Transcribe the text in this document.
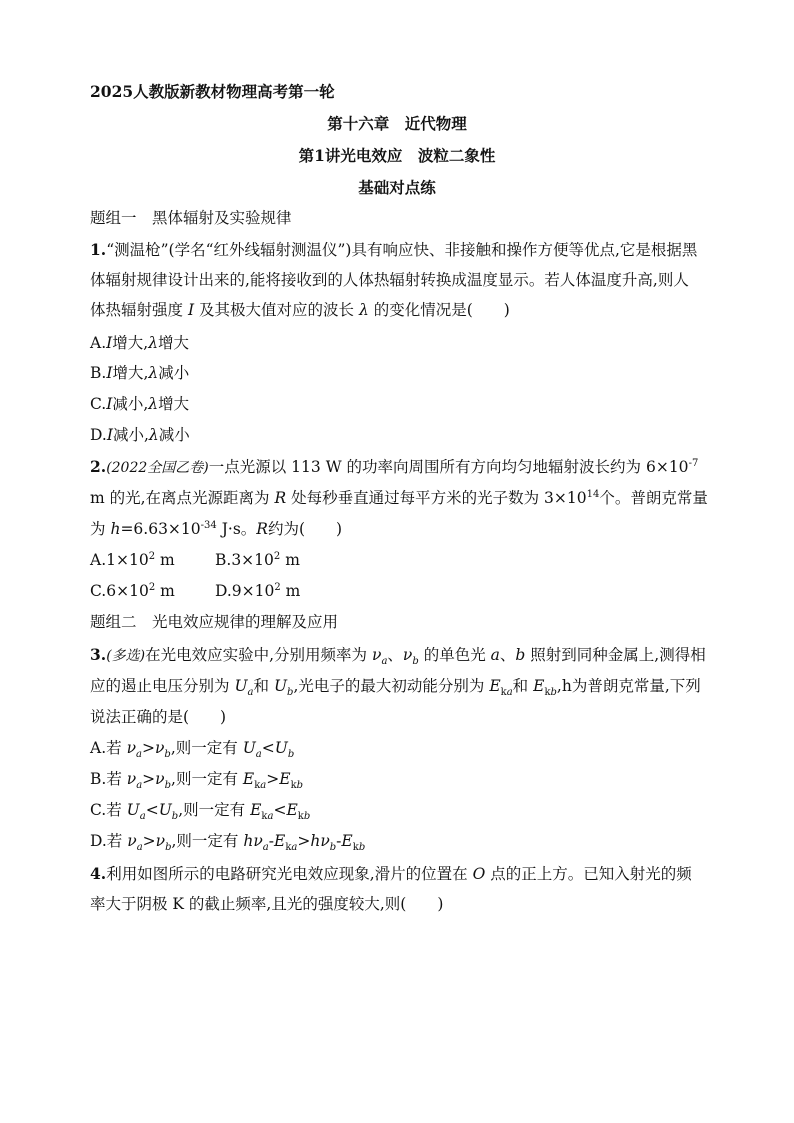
2025人教版新教材物理高考第一轮
第十六章　近代物理
第1讲光电效应　波粒二象性
基础对点练
题组一　黑体辐射及实验规律
1.“测温枪”(学名“红外线辐射测温仪”)具有响应快、非接触和操作方便等优点,它是根据黑
体辐射规律设计出来的,能将接收到的人体热辐射转换成温度显示。若人体温度升高,则人
体热辐射强度 I 及其极大值对应的波长 λ 的变化情况是(　　)
A.I增大,λ增大
B.I增大,λ减小
C.I减小,λ增大
D.I减小,λ减小
2.(2022全国乙卷)一点光源以 113 W 的功率向周围所有方向均匀地辐射波长约为 $6\times 10^{-7}$
m 的光,在离点光源距离为 R 处每秒垂直通过每平方米的光子数为 $3\times 10^{14}$个。普朗克常量
为 $h=6.63\times 10^{-34}$ J·s。R约为(　　)
$A.1\times 10^2$ m	$B.3\times 10^2$ m
$C.6\times 10^2$ m	$D.9\times 10^2$ m
题组二　光电效应规律的理解及应用
3.(多选)在光电效应实验中,分别用频率为 $\nu_a$、$\nu_b$ 的单色光 a、b 照射到同种金属上,测得相
应的遏止电压分别为 $U_a$和 $U_b$,光电子的最大初动能分别为 $E_{ka}$和 $E_{kb},h$为普朗克常量,下列
说法正确的是(　　)
A.若 $\nu_a>\nu_b$,则一定有 $U_a<U_b$
B.若 $\nu_a>\nu_b$,则一定有 $E_{ka}>E_{kb}$
C.若 $U_a<U_b$,则一定有 $E_{ka}<E_{kb}$
D.若 $\nu_a>\nu_b$,则一定有 $h\nu_a-E_{ka}>h\nu_b-E_{kb}$
4.利用如图所示的电路研究光电效应现象,滑片的位置在 O 点的正上方。已知入射光的频
率大于阴极 K 的截止频率,且光的强度较大,则(　　)
